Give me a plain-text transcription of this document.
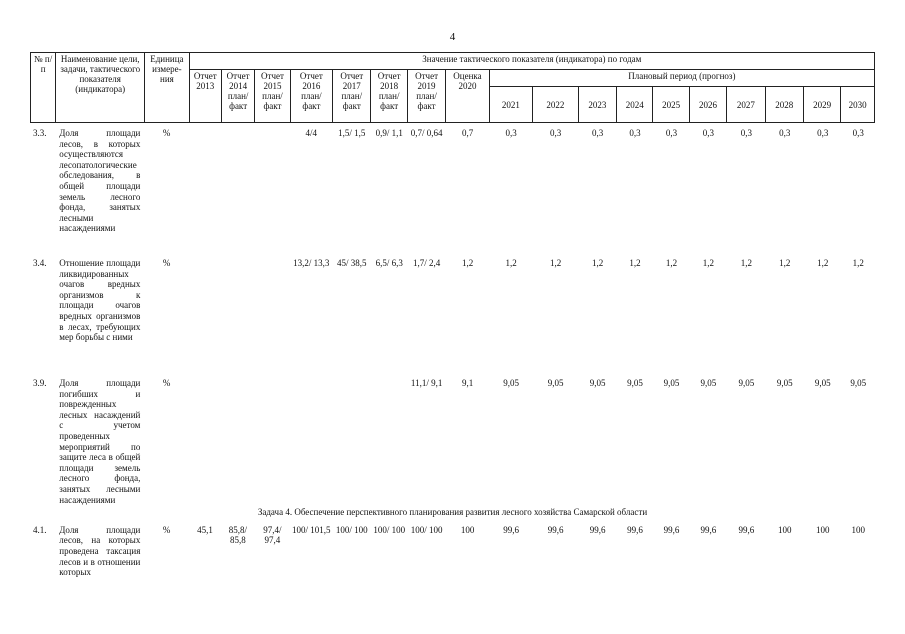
4
№ п/п	Наименование цели, задачи, тактического показателя (индикатора)	Единица измере-ния	Значение тактического показателя (индикатора) по годам																	
			Отчет 2013	Отчет 2014 план/ факт	Отчет 2015 план/ факт	Отчет 2016 план/ факт	Отчет 2017 план/ факт	Отчет 2018 план/ факт	Отчет 2019 план/ факт	Оценка 2020	Плановый период (прогноз)									
											2021	2022	2023	2024	2025	2026	2027	2028	2029	2030
3.3.	Доля площади лесов, в которых осуществляются лесопатологические обследования, в общей площади земель лесного фонда, занятых лесными насаждениями	%				4/4	1,5/ 1,5	0,9/ 1,1	0,7/ 0,64	0,7	0,3	0,3	0,3	0,3	0,3	0,3	0,3	0,3	0,3	0,3
3.4.	Отношение площади ликвидированных очагов вредных организмов к площади очагов вредных организмов в лесах, требующих мер борьбы с ними	%				13,2/ 13,3	45/ 38,5	6,5/ 6,3	1,7/ 2,4	1,2	1,2	1,2	1,2	1,2	1,2	1,2	1,2	1,2	1,2	1,2
3.9.	Доля площади погибших и поврежденных лесных насаждений с учетом проведенных мероприятий по защите леса в общей площади земель лесного фонда, занятых лесными насаждениями	%							11,1/ 9,1	9,1	9,05	9,05	9,05	9,05	9,05	9,05	9,05	9,05	9,05	9,05
Задача 4. Обеспечение перспективного планирования развития лесного хозяйства Самарской области																				
4.1.	Доля площади лесов, на которых проведена таксация лесов и в отношении которых	%	45,1	85,8/ 85,8	97,4/ 97,4	100/ 101,5	100/ 100	100/ 100	100/ 100	100	99,6	99,6	99,6	99,6	99,6	99,6	99,6	100	100	100
